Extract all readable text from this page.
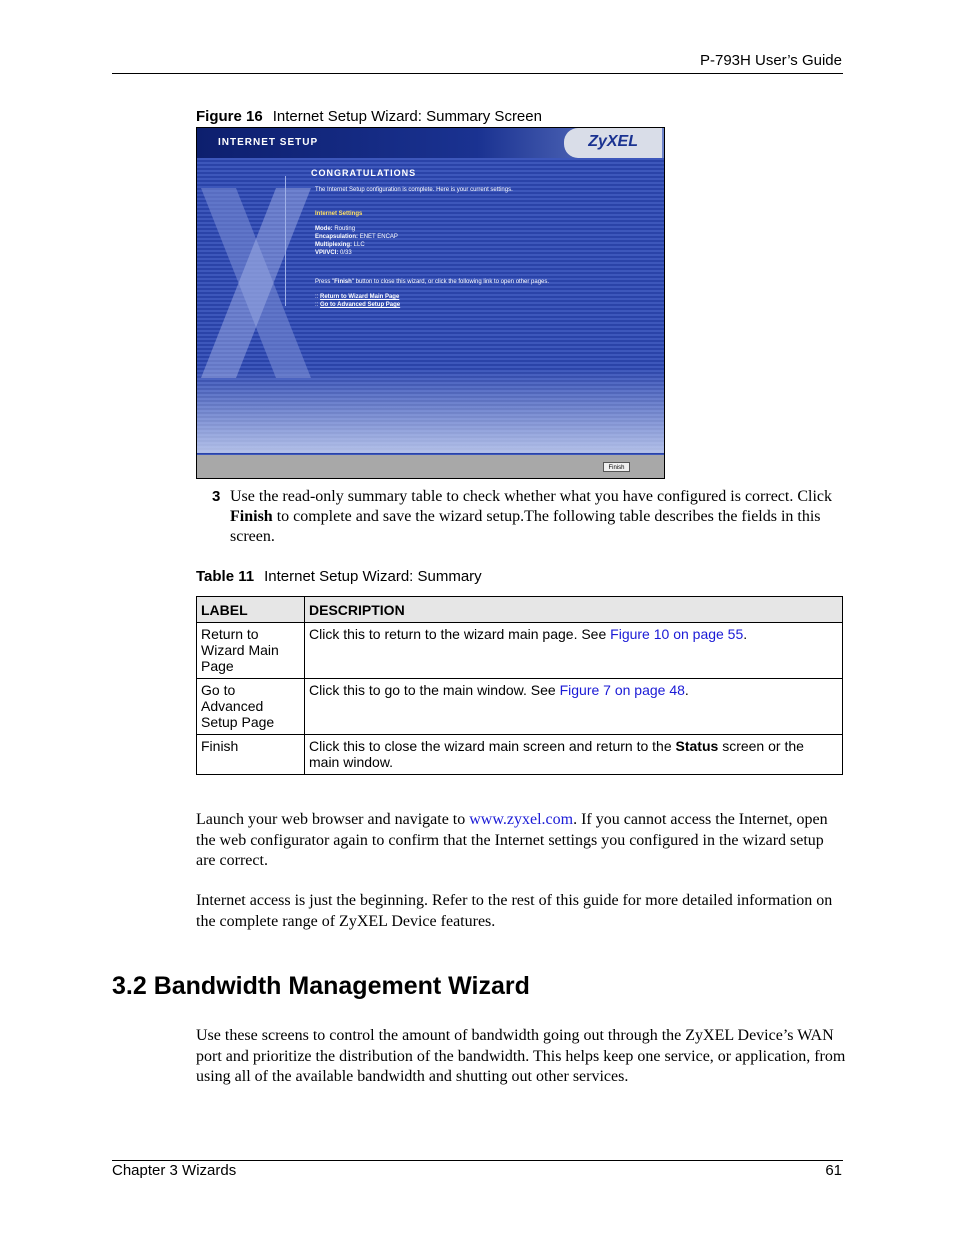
P-793H User’s Guide
Figure 16 Internet Setup Wizard: Summary Screen
INTERNET SETUP	ZyXEL
CONGRATULATIONS
The Internet Setup configuration is complete. Here is your current settings.
Internet Settings
Mode: Routing
Encapsulation: ENET ENCAP
Multiplexing: LLC
VPI/VCI: 0/33
Press "Finish" button to close this wizard, or click the following link to open other pages.
:: Return to Wizard Main Page
:: Go to Advanced Setup Page
Finish
3 Use the read-only summary table to check whether what you have configured is correct. Click Finish to complete and save the wizard setup.The following table describes the fields in this screen.
Table 11 Internet Setup Wizard: Summary
LABEL	DESCRIPTION
Return to Wizard Main Page	Click this to return to the wizard main page. See Figure 10 on page 55.
Go to Advanced Setup Page	Click this to go to the main window. See Figure 7 on page 48.
Finish	Click this to close the wizard main screen and return to the Status screen or the main window.
Launch your web browser and navigate to www.zyxel.com. If you cannot access the Internet, open the web configurator again to confirm that the Internet settings you configured in the wizard setup are correct.
Internet access is just the beginning. Refer to the rest of this guide for more detailed information on the complete range of ZyXEL Device features.
3.2 Bandwidth Management Wizard
Use these screens to control the amount of bandwidth going out through the ZyXEL Device’s WAN port and prioritize the distribution of the bandwidth. This helps keep one service, or application, from using all of the available bandwidth and shutting out other services.
Chapter 3 Wizards	61
